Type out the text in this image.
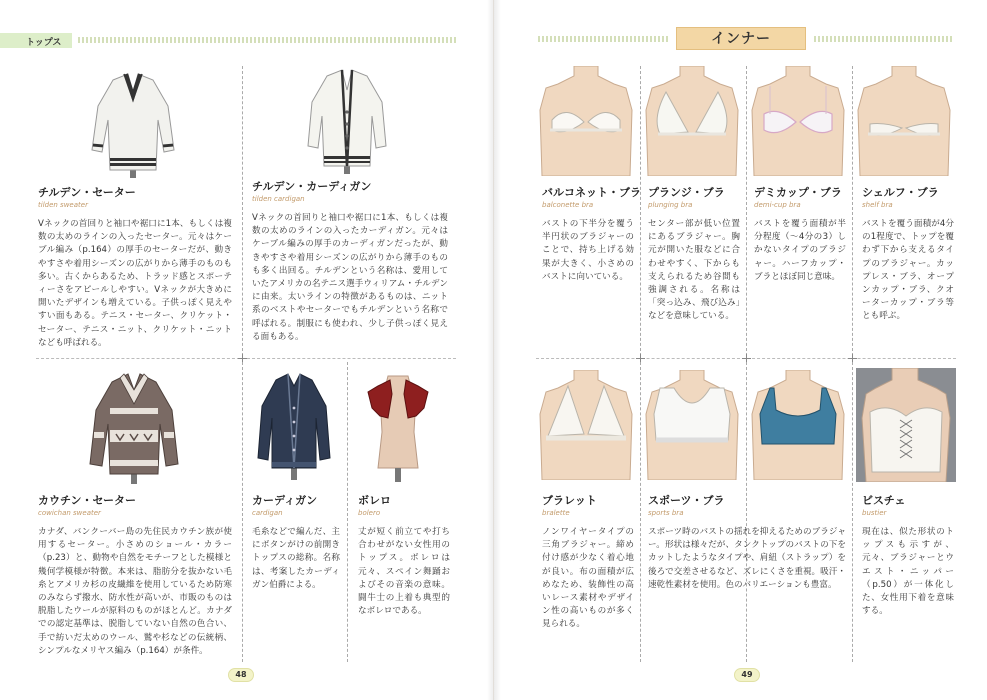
トップス	インナー
チルデン・セーター
tilden sweater
Vネックの首回りと袖口や裾口に1本、もしくは複数の太めのラインの入ったセーター。元々はケーブル編み（p.164）の厚手のセーターだが、動きやすさや着用シーズンの広がりから薄手のものも多い。古くからあるため、トラッド感とスポーティーさをアピールしやすい。Vネックが大きめに開いたデザインも増えている。子供っぽく見えやすい面もある。テニス・セーター、クリケット・セーター、テニス・ニット、クリケット・ニットなども呼ばれる。
チルデン・カーディガン
tilden cardigan
Vネックの首回りと袖口や裾口に1本、もしくは複数の太めのラインの入ったカーディガン。元々はケーブル編みの厚手のカーディガンだったが、動きやすさや着用シーズンの広がりから薄手のものも多く出回る。チルデンという名称は、愛用していたアメリカの名テニス選手ウィリアム・チルデンに由来。太いラインの特徴があるものは、ニット系のベストやセーターでもチルデンという名称で呼ばれる。制服にも使われ、少し子供っぽく見える面もある。
カウチン・セーター
cowichan sweater
カナダ、バンクーバー島の先住民カウチン族が使用するセーター。小さめのショール・カラー（p.23）と、動物や自然をモチーフとした模様と幾何学模様が特徴。本来は、脂肪分を抜かない毛糸とアメリカ杉の皮繊維を使用しているため防寒のみならず撥水、防水性が高いが、市販のものは脱脂したウールが原料のものがほとんど。カナダでの認定基準は、脱脂していない自然の色合い、手で紡いだ太めのウール、鷲や杉などの伝統柄、シンプルなメリヤス編み（p.164）が条件。
カーディガン
cardigan
毛糸などで編んだ、主にボタンがけの前開きトップスの総称。名称は、考案したカーディガン伯爵による。
ボレロ
bolero
丈が短く前立てや打ち合わせがない女性用のトップス。ボレロは元々、スペイン舞踊およびその音楽の意味。闘牛士の上着も典型的なボレロである。
バルコネット・ブラ
balconette bra
バストの下半分を覆う半円状のブラジャーのことで、持ち上げる効果が大きく、小さめのバストに向いている。
プランジ・ブラ
plunging bra
センター部が低い位置にあるブラジャー。胸元が開いた服などに合わせやすく、下からも支えられるため谷間も強調される。名称は「突っ込み、飛び込み」などを意味している。
デミカップ・ブラ
demi-cup bra
バストを覆う面積が半分程度（～4分の3）しかないタイプのブラジャー。ハーフカップ・ブラとほぼ同じ意味。
シェルフ・ブラ
shelf bra
バストを覆う面積が4分の1程度で、トップを覆わず下から支えるタイプのブラジャー。カップレス・ブラ、オープンカップ・ブラ、クオーターカップ・ブラ等とも呼ぶ。
ブラレット
bralette
ノンワイヤータイプの三角ブラジャー。締め付け感が少なく着心地が良い。布の面積が広めなため、装飾性の高いレース素材やデザイン性の高いものが多く見られる。
スポーツ・ブラ
sports bra
スポーツ時のバストの揺れを抑えるためのブラジャー。形状は様々だが、タンクトップのバストの下をカットしたようなタイプや、肩紐（ストラップ）を後ろで交差させるなど、ズレにくさを重視。吸汗・速乾性素材を使用。色のバリエーションも豊富。
ビスチェ
bustier
現在は、似た形状のトップスも示すが、元々、ブラジャーとウエスト・ニッパー（p.50）が一体化した、女性用下着を意味する。
48	49
